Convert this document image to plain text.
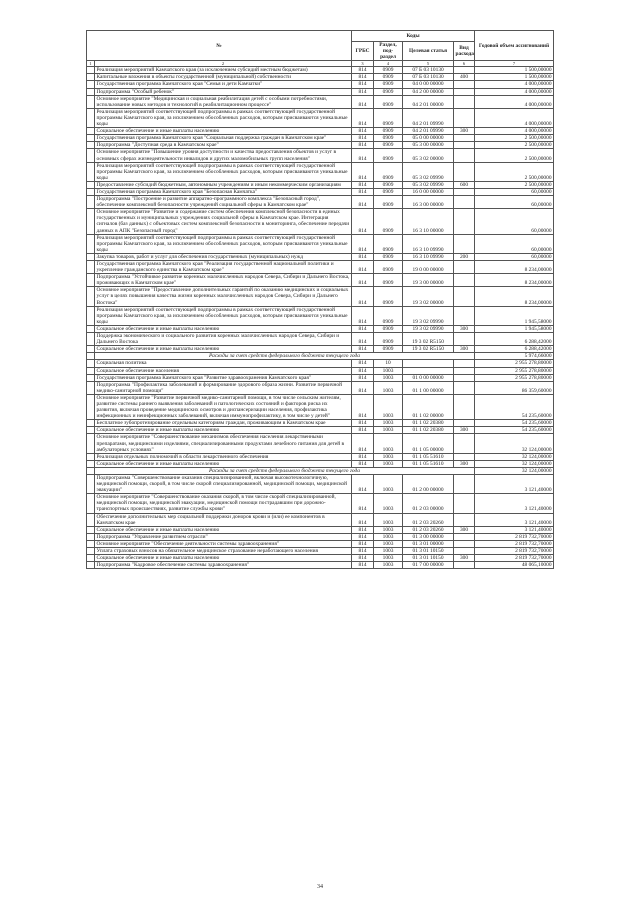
№		Коды				Годовой объем ассигнований
		ГРБС	Раздел, под-раздел	Целевая статья	Вид расхода	
1	2	3	4	5	6	7
	Реализация мероприятий Камчатского края (за исключением субсидий местным бюджетам)	814	0909	07 Б 03 10130		1 500,00000
	Капитальные вложения в объекты государственной (муниципальной) собственности	814	0909	07 Б 03 10130	400	1 500,00000
	Государственная программа Камчатского края "Семья и дети Камчатки"	814	0909	04 0 00 00000		4 000,00000
	Подпрограмма "Особый ребенок"	814	0909	04 2 00 00000		4 000,00000
	Основное мероприятие "Медицинская и социальная реабилитация детей с особыми потребностями, использование новых методов и технологий в реабилитационном процессе"	814	0909	04 2 01 00000		4 000,00000
	Реализация мероприятий соответствующей подпрограммы в рамках соответствующей государственной программы Камчатского края, за исключением обособленных расходов, которым присваиваются уникальные коды	814	0909	04 2 01 09990		4 000,00000
	Социальное обеспечение и иные выплаты населению	814	0909	04 2 01 09990	300	4 000,00000
	Государственная программа Камчатского края "Социальная поддержка граждан в Камчатском крае"	814	0909	05 0 00 00000		2 500,00000
	Подпрограмма "Доступная среда в Камчатском крае"	814	0909	05 3 00 00000		2 500,00000
	Основное мероприятие "Повышение уровня доступности и качества предоставления объектов и услуг в основных сферах жизнедеятельности инвалидов и других маломобильных групп населения"	814	0909	05 3 02 00000		2 500,00000
	Реализация мероприятий соответствующей подпрограммы в рамках соответствующей государственной программы Камчатского края, за исключением обособленных расходов, которым присваиваются уникальные коды	814	0909	05 3 02 09990		2 500,00000
	Предоставление субсидий бюджетным, автономным учреждениям и иным некоммерческим организациям	814	0909	05 3 02 09990	600	2 500,00000
	Государственная программа Камчатского края "Безопасная Камчатка"	814	0909	16 0 00 00000		60,00000
	Подпрограмма "Построение и развитие аппаратно-программного комплекса "Безопасный город", обеспечение комплексной безопасности учреждений социальной сферы в Камчатском крае"	814	0909	16 3 00 00000		60,00000
	Основное мероприятие "Развитие и содержание систем обеспечения комплексной безопасности в единых государственных и муниципальных учреждениях социальной сферы в Камчатском крае. Интеграция сигналов (баз данных) с объектовых систем комплексной безопасности в мониторинга, обеспечение передачи данных в АПК "Безопасный город"	814	0909	16 3 10 00000		60,00000
	Реализация мероприятий соответствующей подпрограммы в рамках соответствующей государственной программы Камчатского края, за исключением обособленных расходов, которым присваиваются уникальные коды	814	0909	16 3 10 09990		60,00000
	Закупка товаров, работ и услуг для обеспечения государственных (муниципальных) нужд	814	0909	16 3 10 09990	200	60,00000
	Государственная программа Камчатского края "Реализация государственной национальной политики и укрепление гражданского единства в Камчатском крае"	814	0909	19 0 00 00000		8 234,00000
	Подпрограмма "Устойчивое развитие коренных малочисленных народов Севера, Сибири и Дальнего Востока, проживающих в Камчатском крае"	814	0909	19 3 00 00000		8 234,00000
	Основное мероприятие "Предоставление дополнительных гарантий по оказанию медицинских и социальных услуг в целях повышения качества жизни коренных малочисленных народов Севера, Сибири и Дальнего Востока"	814	0909	19 3 02 00000		8 234,00000
	Реализация мероприятий соответствующей подпрограммы в рамках соответствующей государственной программы Камчатского края, за исключением обособленных расходов, которым присваиваются уникальные коды	814	0909	19 3 02 09990		1 945,58000
	Социальное обеспечение и иные выплаты населению	814	0909	19 3 02 09990	300	1 945,58000
	Поддержка экономического и социального развития коренных малочисленных народов Севера, Сибири и Дальнего Востока	814	0909	19 3 02 R5150		6 288,42000
	Социальное обеспечение и иные выплаты населению	814	0909	19 3 02 R5150	300	6 288,42000
	Расходы за счет средств федерального бюджета текущего года					5 974,66000
	Социальная политика	814	10			2 955 278,80000
	Социальное обеспечение населения	814	1003			2 955 278,80000
	Государственная программа Камчатского края "Развитие здравоохранения Камчатского края"	814	1003	01 0 00 00000		2 955 278,80000
	Подпрограмма "Профилактика заболеваний и формирование здорового образа жизни. Развитие первичной медико-санитарной помощи"	814	1003	01 1 00 00000		86 359,60000
	Основное мероприятие "Развитие первичной медико-санитарной помощи, в том числе сельским жителям, развитие системы раннего выявления заболеваний и патологических состояний и факторов риска их развития, включая проведение медицинских осмотров и диспансеризации населения, профилактика инфекционных и неинфекционных заболеваний, включая иммунопрофилактику, в том числе у детей"	814	1003	01 1 02 00000		54 235,60000
	Бесплатное зубопротезирование отдельным категориям граждан, проживающим в Камчатском крае	814	1003	01 1 02 20380		54 235,60000
	Социальное обеспечение и иные выплаты населению	814	1003	01 1 02 20380	300	54 235,60000
	Основное мероприятие "Совершенствование механизмов обеспечения населения лекарственными препаратами, медицинскими изделиями, специализированными продуктами лечебного питания для детей в амбулаторных условиях"	814	1003	01 1 05 00000		32 124,00000
	Реализация отдельных полномочий в области лекарственного обеспечения	814	1003	01 1 05 51610		32 124,00000
	Социальное обеспечение и иные выплаты населению	814	1003	01 1 05 51610	300	32 124,00000
	Расходы за счет средств федерального бюджета текущего года					32 124,00000
	Подпрограмма "Совершенствование оказания специализированной, включая высокотехнологичную, медицинской помощи, скорой, в том числе скорой специализированной, медицинской помощи, медицинской эвакуации"	814	1003	01 2 00 00000		3 121,40000
	Основное мероприятие "Совершенствование оказания скорой, в том числе скорой специализированной, медицинской помощи, медицинской эвакуации, медицинской помощи пострадавшим при дорожно-транспортных происшествиях, развитие службы крови"	814	1003	01 2 03 00000		3 121,40000
	Обеспечение дополнительных мер социальной поддержки доноров крови и (или) ее компонентов в Камчатском крае	814	1003	01 2 03 20260		3 121,40000
	Социальное обеспечение и иные выплаты населению	814	1003	01 2 03 20260	300	3 121,40000
	Подпрограмма "Управление развитием отрасли"	814	1003	01 3 00 00000		2 819 732,70000
	Основное мероприятие "Обеспечение деятельности системы здравоохранения"	814	1003	01 3 01 00000		2 819 732,70000
	Уплата страховых взносов на обязательное медицинское страхование неработающего населения	814	1003	01 3 01 10150		2 819 732,70000
	Социальное обеспечение и иные выплаты населению	814	1003	01 3 01 10150	300	2 819 732,70000
	Подпрограмма "Кадровое обеспечение системы здравоохранения"	814	1003	01 7 00 00000		48 065,10000
34
